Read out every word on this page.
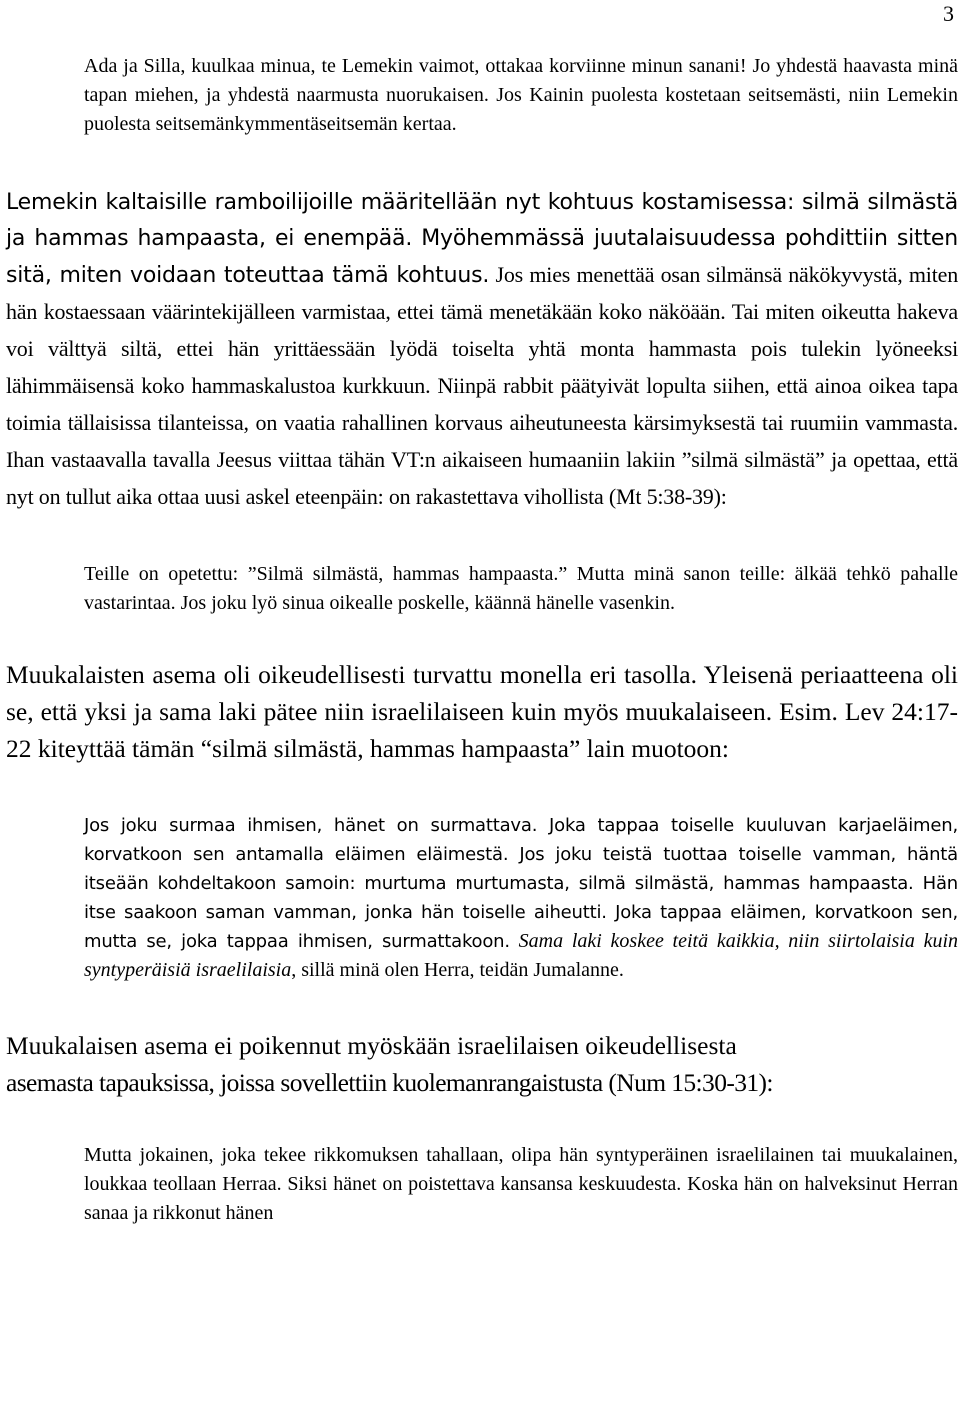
3

Ada ja Silla, kuulkaa minua, te Lemekin vaimot, ottakaa korviinne minun sanani! Jo yhdestä haavasta minä tapan miehen, ja yhdestä naarmusta nuorukaisen. Jos Kainin puolesta kostetaan seitsemästi, niin Lemekin puolesta seitsemänkymmentäseitsemän kertaa.

Lemekin kaltaisille ramboilijoille määritellään nyt kohtuus kostamisessa: silmä silmästä ja hammas hampaasta, ei enempää. Myöhemmässä juutalaisuudessa pohdittiin sitten sitä, miten voidaan toteuttaa tämä kohtuus. Jos mies menettää osan silmänsä näkökyvystä, miten hän kostaessaan väärintekijälleen varmistaa, ettei tämä menetäkään koko näköään. Tai miten oikeutta hakeva voi välttyä siltä, ettei hän yrittäessään lyödä toiselta yhtä monta hammasta pois tulekin lyöneeksi lähimmäisensä koko hammaskalustoa kurkkuun. Niinpä rabbit päätyivät lopulta siihen, että ainoa oikea tapa toimia tällaisissa tilanteissa, on vaatia rahallinen korvaus aiheutuneesta kärsimyksestä tai ruumiin vammasta. Ihan vastaavalla tavalla Jeesus viittaa tähän VT:n aikaiseen humaaniin lakiin ”silmä silmästä” ja opettaa, että nyt on tullut aika ottaa uusi askel eteenpäin: on rakastettava vihollista (Mt 5:38-39):

Teille on opetettu: ”Silmä silmästä, hammas hampaasta.” Mutta minä sanon teille: älkää tehkö pahalle vastarintaa. Jos joku lyö sinua oikealle poskelle, käännä hänelle vasenkin.

Muukalaisten asema oli oikeudellisesti turvattu monella eri tasolla. Yleisenä periaatteena oli se, että yksi ja sama laki pätee niin israelilaiseen kuin myös muukalaiseen. Esim. Lev 24:17-22 kiteyttää tämän “silmä silmästä, hammas hampaasta” lain muotoon:

Jos joku surmaa ihmisen, hänet on surmattava. Joka tappaa toiselle kuuluvan karjaeläimen, korvatkoon sen antamalla eläimen eläimestä. Jos joku teistä tuottaa toiselle vamman, häntä itseään kohdeltakoon samoin: murtuma murtumasta, silmä silmästä, hammas hampaasta. Hän itse saakoon saman vamman, jonka hän toiselle aiheutti. Joka tappaa eläimen, korvatkoon sen, mutta se, joka tappaa ihmisen, surmattakoon. Sama laki koskee teitä kaikkia, niin siirtolaisia kuin syntyperäisiä israelilaisia, sillä minä olen Herra, teidän Jumalanne.

Muukalaisen asema ei poikennut myöskään israelilaisen oikeudellisesta
asemasta tapauksissa, joissa sovellettiin kuolemanrangaistusta (Num 15:30-31):

Mutta jokainen, joka tekee rikkomuksen tahallaan, olipa hän syntyperäinen israelilainen tai muukalainen, loukkaa teollaan Herraa. Siksi hänet on poistettava kansansa keskuudesta. Koska hän on halveksinut Herran sanaa ja rikkonut hänen
